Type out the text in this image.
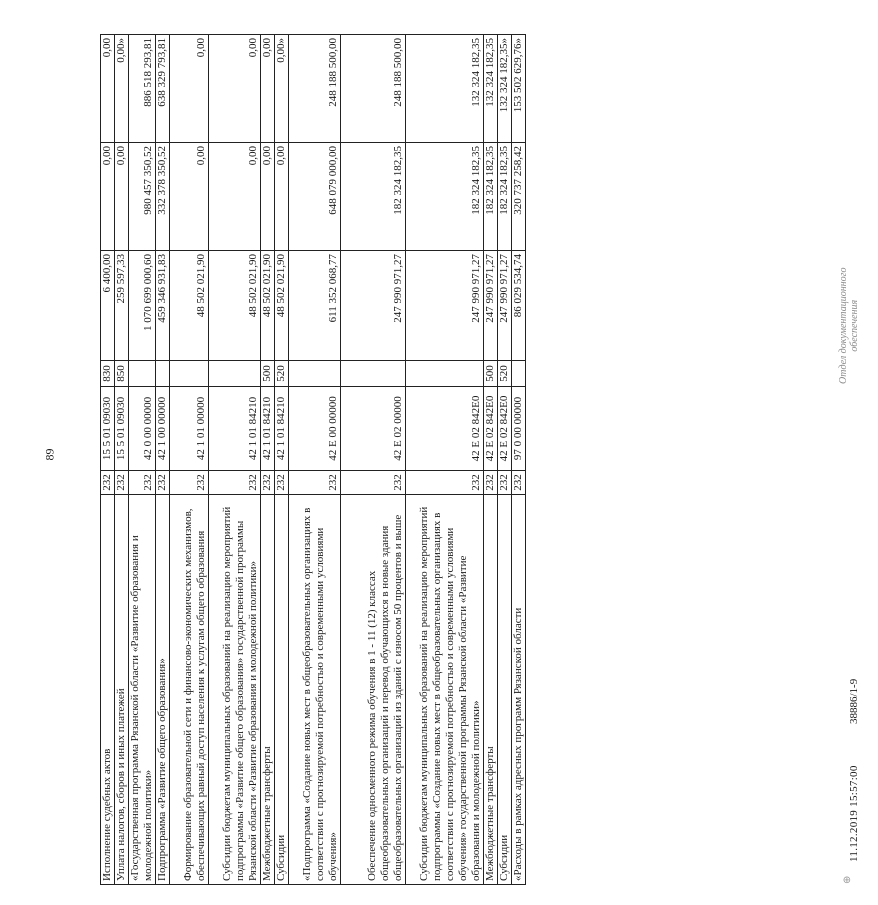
89
Исполнение судебных актов	232	15 5 01 09030	830	6 400,00	0,00	0,00
Уплата налогов, сборов и иных платежей	232	15 5 01 09030	850	259 597,33	0,00	0,00»
«Государственная программа Рязанской области «Развитие образования и молодежной политики»	232	42 0 00 00000		1 070 699 000,60	980 457 350,52	886 518 293,81
Подпрограмма «Развитие общего образования»	232	42 1 00 00000		459 346 931,83	332 378 350,52	638 329 793,81
Формирование образовательной сети и финансово-экономических механизмов, обеспечивающих равный доступ населения к услугам общего образования	232	42 1 01 00000		48 502 021,90	0,00	0,00
Субсидии бюджетам муниципальных образований на реализацию мероприятий подпрограммы «Развитие общего образования» государственной программы Рязанской области «Развитие образования и молодежной политики»	232	42 1 01 84210		48 502 021,90	0,00	0,00
Межбюджетные трансферты	232	42 1 01 84210	500	48 502 021,90	0,00	0,00
Субсидии	232	42 1 01 84210	520	48 502 021,90	0,00	0,00»
«Подпрограмма «Создание новых мест в общеобразовательных организациях в соответствии с прогнозируемой потребностью и современными условиями обучения»	232	42 Е 00 00000		611 352 068,77	648 079 000,00	248 188 500,00
Обеспечение односменного режима обучения в 1 - 11 (12) классах общеобразовательных организаций и перевод обучающихся в новые здания общеобразовательных организаций из зданий с износом 50 процентов и выше	232	42 Е 02 00000		247 990 971,27	182 324 182,35	248 188 500,00
Субсидии бюджетам муниципальных образований на реализацию мероприятий подпрограммы «Создание новых мест в общеобразовательных организациях в соответствии с прогнозируемой потребностью и современными условиями обучения» государственной программы Рязанской области «Развитие образования и молодежной политики»	232	42 Е 02 842Е0		247 990 971,27	182 324 182,35	132 324 182,35
Межбюджетные трансферты	232	42 Е 02 842Е0	500	247 990 971,27	182 324 182,35	132 324 182,35
Субсидии	232	42 Е 02 842Е0	520	247 990 971,27	182 324 182,35	132 324 182,35»
«Расходы в рамках адресных программ Рязанской области	232	97 0 00 00000		86 029 534,74	320 737 258,42	153 502 629,76»
⊕
11.12.2019 15:57:00
38886/1-9
Отдел документационного обеспечения
